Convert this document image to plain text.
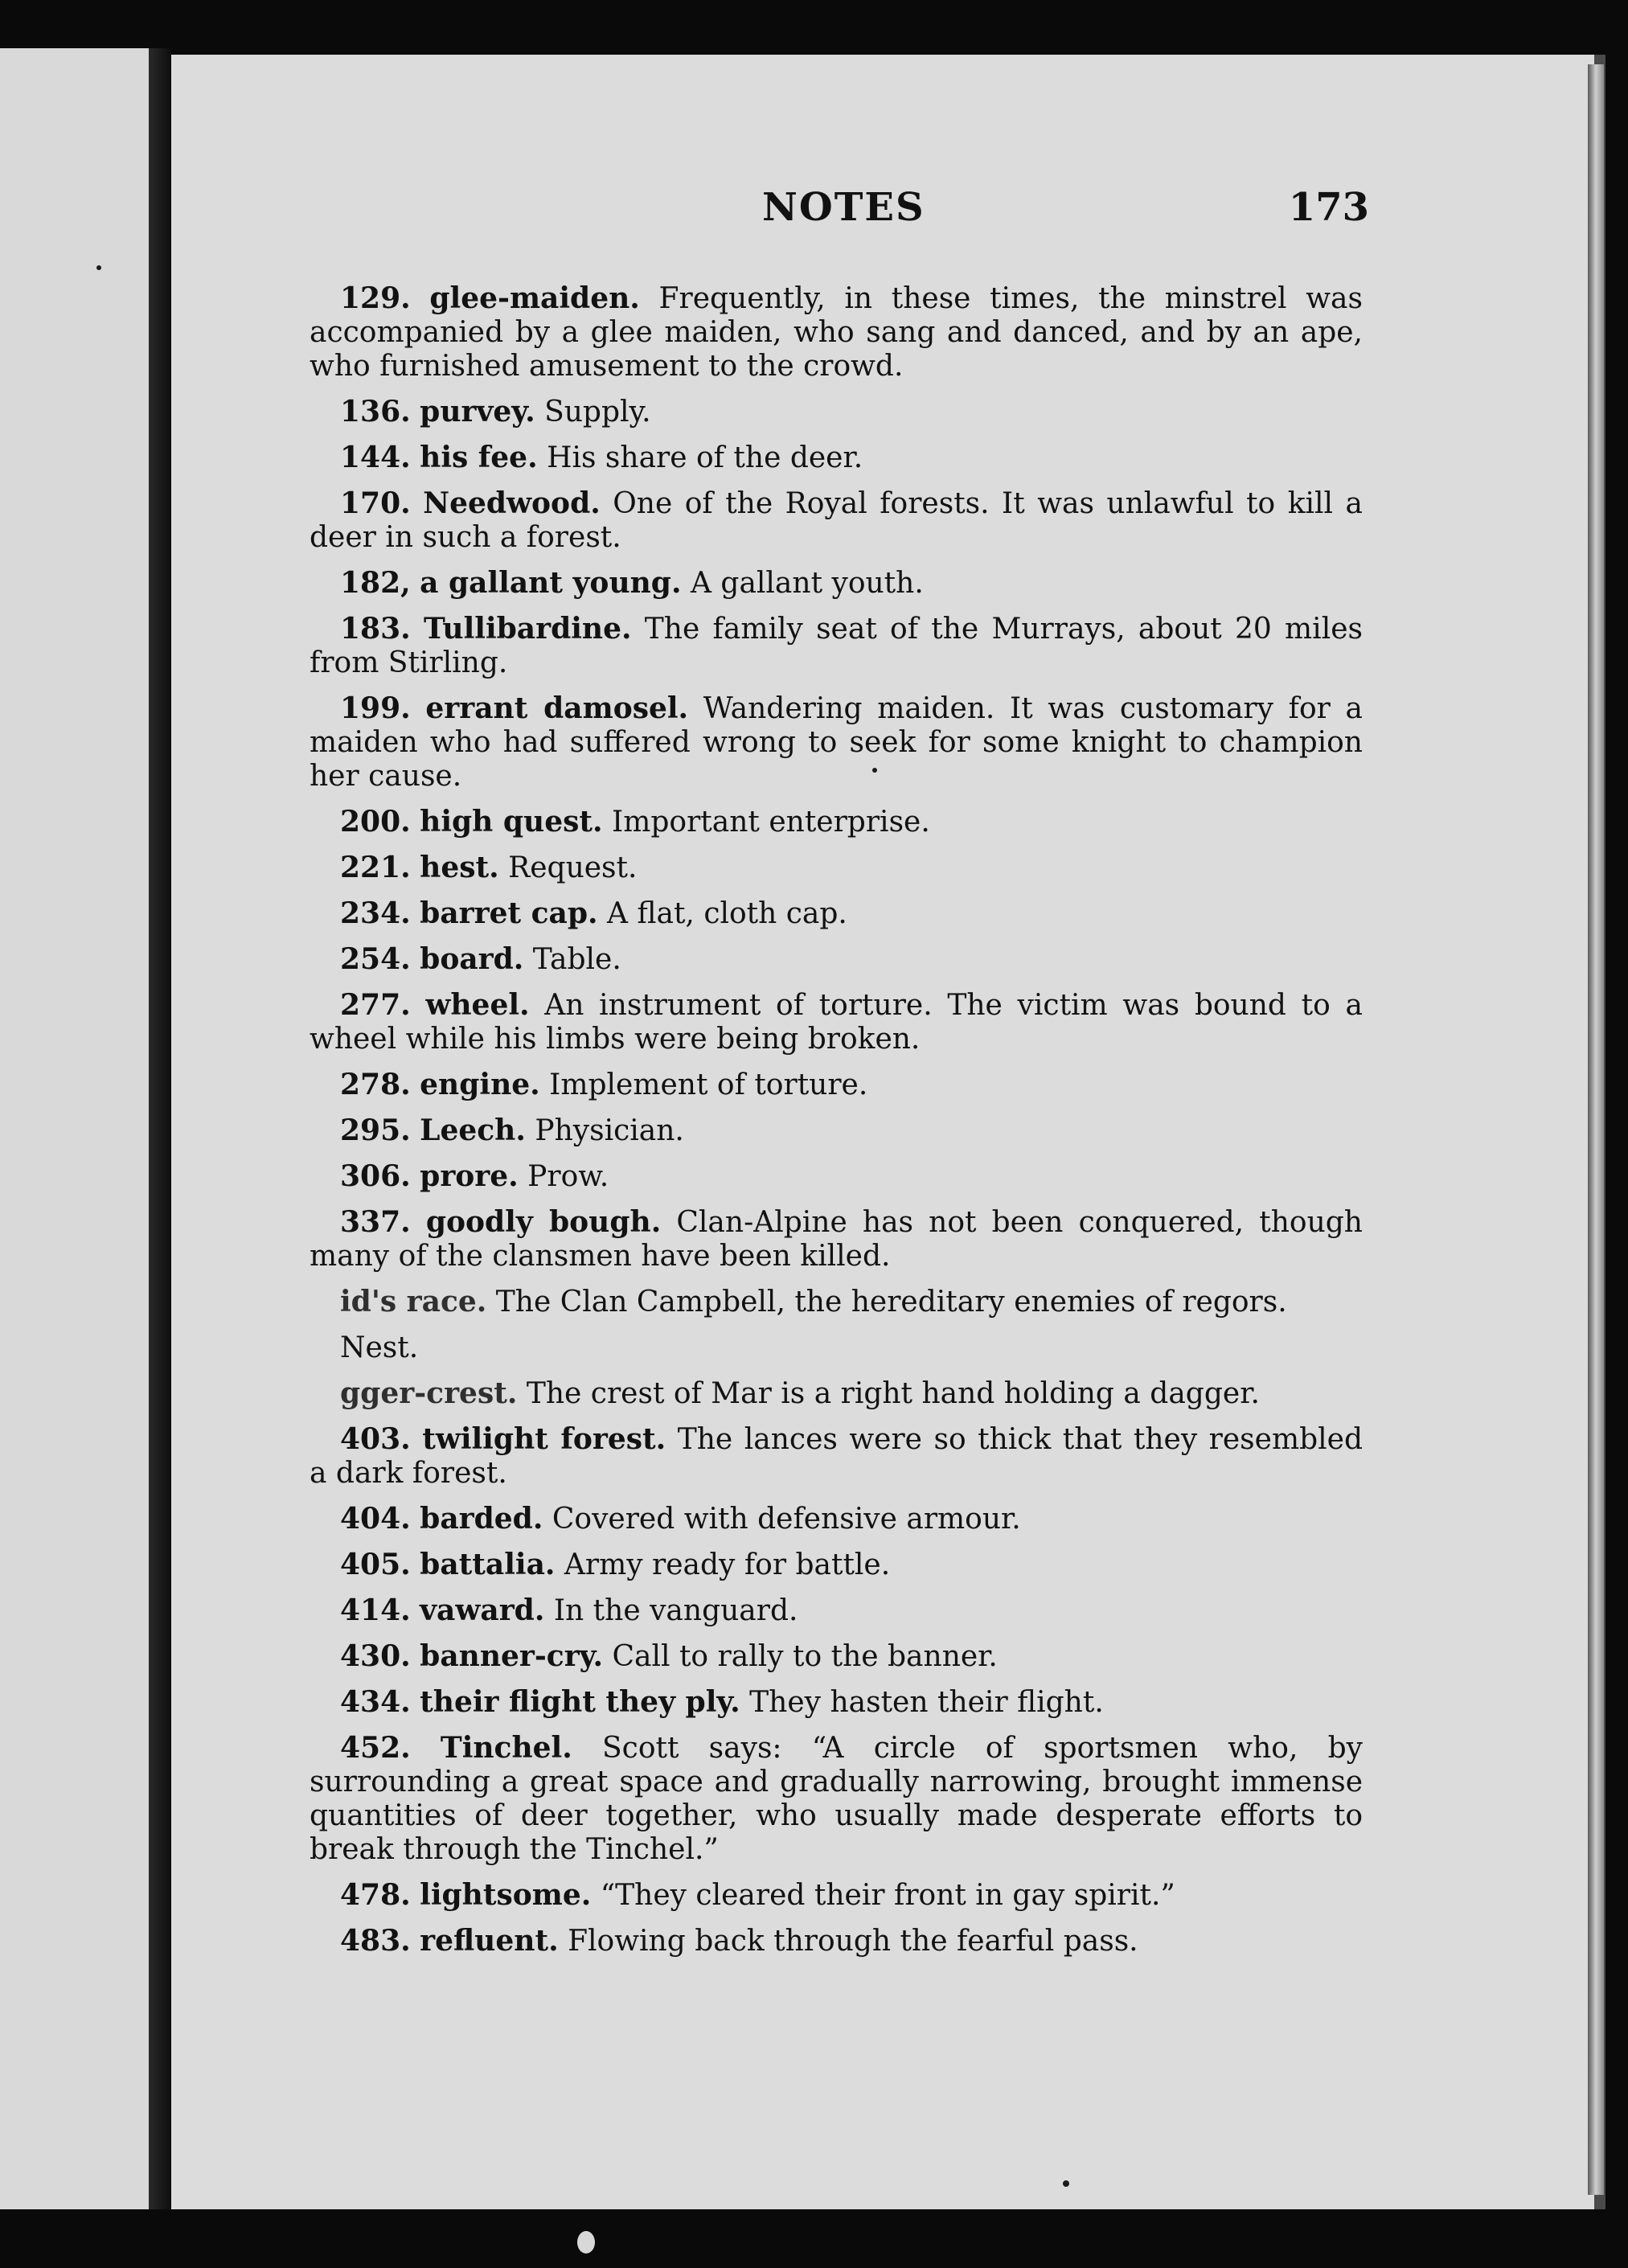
NOTES	173

129. glee-maiden. Frequently, in these times, the minstrel was accompanied by a glee maiden, who sang and danced, and by an ape, who furnished amusement to the crowd.

136. purvey. Supply.

144. his fee. His share of the deer.

170. Needwood. One of the Royal forests. It was unlawful to kill a deer in such a forest.

182, a gallant young. A gallant youth.

183. Tullibardine. The family seat of the Murrays, about 20 miles from Stirling.

199. errant damosel. Wandering maiden. It was customary for a maiden who had suffered wrong to seek for some knight to champion her cause.

200. high quest. Important enterprise.

221. hest. Request.

234. barret cap. A flat, cloth cap.

254. board. Table.

277. wheel. An instrument of torture. The victim was bound to a wheel while his limbs were being broken.

278. engine. Implement of torture.

295. Leech. Physician.

306. prore. Prow.

337. goodly bough. Clan-Alpine has not been conquered, though many of the clansmen have been killed.

id's race. The Clan Campbell, the hereditary enemies of regors.

Nest.

gger-crest. The crest of Mar is a right hand holding a dagger.

403. twilight forest. The lances were so thick that they resembled a dark forest.

404. barded. Covered with defensive armour.

405. battalia. Army ready for battle.

414. vaward. In the vanguard.

430. banner-cry. Call to rally to the banner.

434. their flight they ply. They hasten their flight.

452. Tinchel. Scott says: “A circle of sportsmen who, by surrounding a great space and gradually narrowing, brought immense quantities of deer together, who usually made desperate efforts to break through the Tinchel.”

478. lightsome. “They cleared their front in gay spirit.”

483. refluent. Flowing back through the fearful pass.
